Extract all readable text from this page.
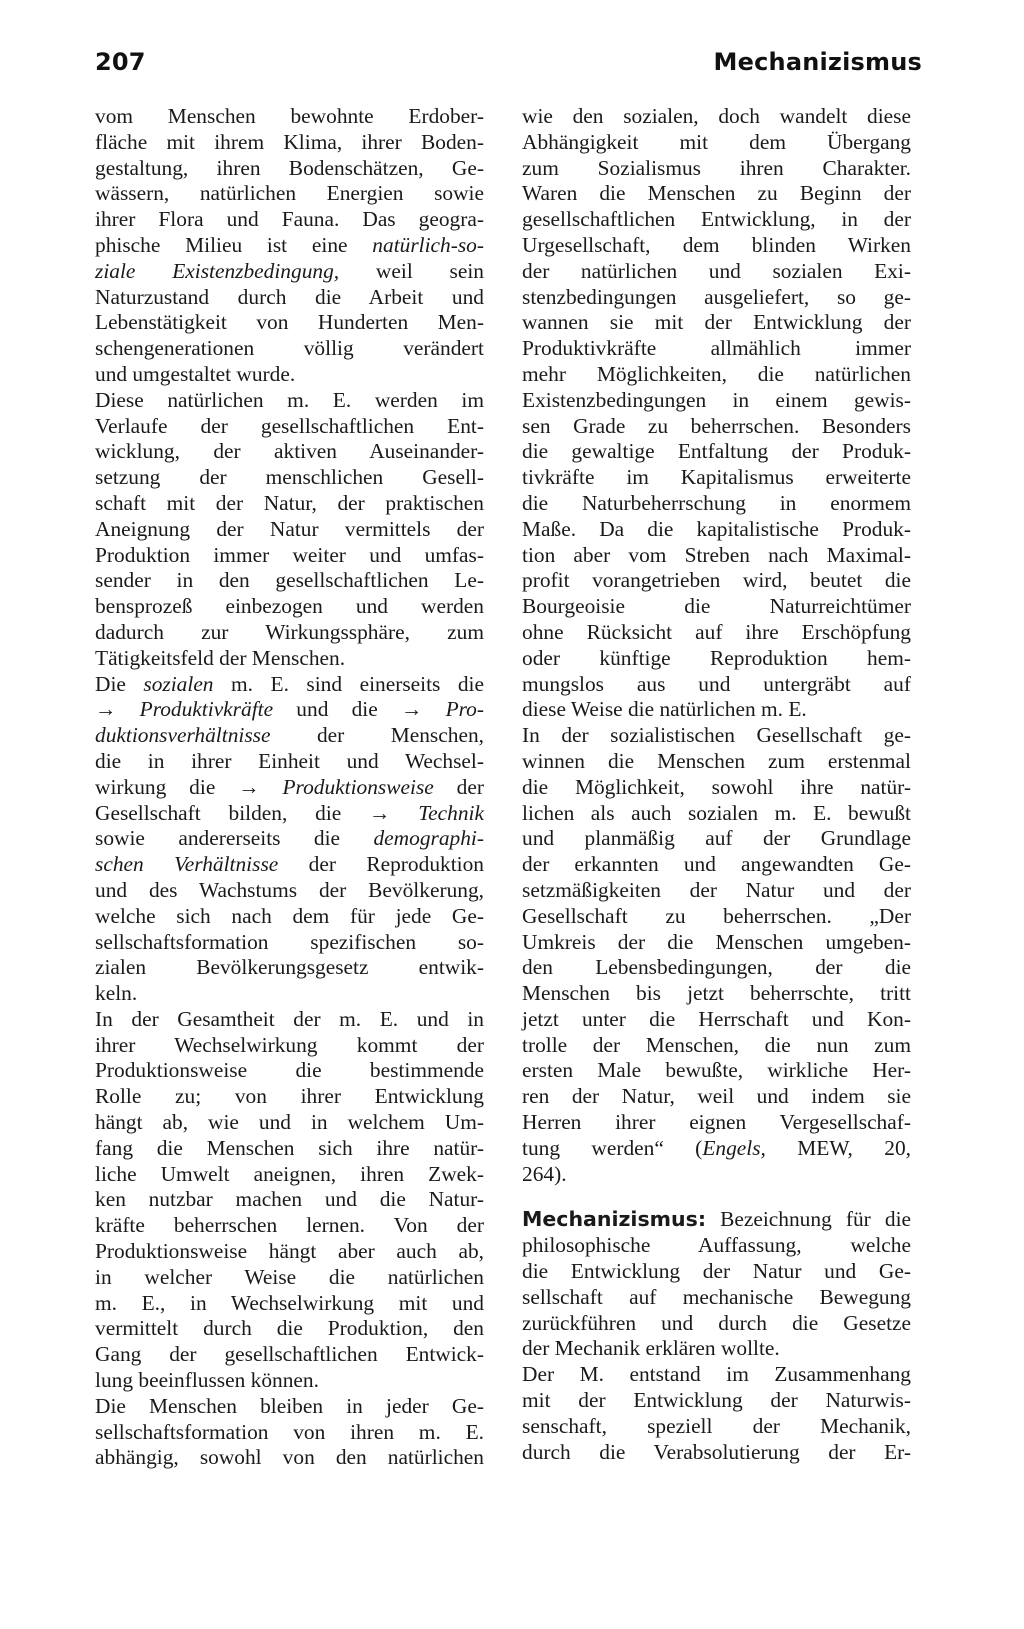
207	Mechanizismus
vom Menschen bewohnte Erdober-
fläche mit ihrem Klima, ihrer Boden-
gestaltung, ihren Bodenschätzen, Ge-
wässern, natürlichen Energien sowie
ihrer Flora und Fauna. Das geogra-
phische Milieu ist eine natürlich-so-
ziale Existenzbedingung, weil sein
Naturzustand durch die Arbeit und
Lebenstätigkeit von Hunderten Men-
schengenerationen völlig verändert
und umgestaltet wurde.
Diese natürlichen m. E. werden im
Verlaufe der gesellschaftlichen Ent-
wicklung, der aktiven Auseinander-
setzung der menschlichen Gesell-
schaft mit der Natur, der praktischen
Aneignung der Natur vermittels der
Produktion immer weiter und umfas-
sender in den gesellschaftlichen Le-
bensprozeß einbezogen und werden
dadurch zur Wirkungssphäre, zum
Tätigkeitsfeld der Menschen.
Die sozialen m. E. sind einerseits die
→ Produktivkräfte und die → Pro-
duktionsverhältnisse der Menschen,
die in ihrer Einheit und Wechsel-
wirkung die → Produktionsweise der
Gesellschaft bilden, die → Technik
sowie andererseits die demographi-
schen Verhältnisse der Reproduktion
und des Wachstums der Bevölkerung,
welche sich nach dem für jede Ge-
sellschaftsformation spezifischen so-
zialen Bevölkerungsgesetz entwik-
keln.
In der Gesamtheit der m. E. und in
ihrer Wechselwirkung kommt der
Produktionsweise die bestimmende
Rolle zu; von ihrer Entwicklung
hängt ab, wie und in welchem Um-
fang die Menschen sich ihre natür-
liche Umwelt aneignen, ihren Zwek-
ken nutzbar machen und die Natur-
kräfte beherrschen lernen. Von der
Produktionsweise hängt aber auch ab,
in welcher Weise die natürlichen
m. E., in Wechselwirkung mit und
vermittelt durch die Produktion, den
Gang der gesellschaftlichen Entwick-
lung beeinflussen können.
Die Menschen bleiben in jeder Ge-
sellschaftsformation von ihren m. E.
abhängig, sowohl von den natürlichen
wie den sozialen, doch wandelt diese
Abhängigkeit mit dem Übergang
zum Sozialismus ihren Charakter.
Waren die Menschen zu Beginn der
gesellschaftlichen Entwicklung, in der
Urgesellschaft, dem blinden Wirken
der natürlichen und sozialen Exi-
stenzbedingungen ausgeliefert, so ge-
wannen sie mit der Entwicklung der
Produktivkräfte allmählich immer
mehr Möglichkeiten, die natürlichen
Existenzbedingungen in einem gewis-
sen Grade zu beherrschen. Besonders
die gewaltige Entfaltung der Produk-
tivkräfte im Kapitalismus erweiterte
die Naturbeherrschung in enormem
Maße. Da die kapitalistische Produk-
tion aber vom Streben nach Maximal-
profit vorangetrieben wird, beutet die
Bourgeoisie die Naturreichtümer
ohne Rücksicht auf ihre Erschöpfung
oder künftige Reproduktion hem-
mungslos aus und untergräbt auf
diese Weise die natürlichen m. E.
In der sozialistischen Gesellschaft ge-
winnen die Menschen zum erstenmal
die Möglichkeit, sowohl ihre natür-
lichen als auch sozialen m. E. bewußt
und planmäßig auf der Grundlage
der erkannten und angewandten Ge-
setzmäßigkeiten der Natur und der
Gesellschaft zu beherrschen. „Der
Umkreis der die Menschen umgeben-
den Lebensbedingungen, der die
Menschen bis jetzt beherrschte, tritt
jetzt unter die Herrschaft und Kon-
trolle der Menschen, die nun zum
ersten Male bewußte, wirkliche Her-
ren der Natur, weil und indem sie
Herren ihrer eignen Vergesellschaf-
tung werden“ (Engels, MEW, 20,
264).
Mechanizismus: Bezeichnung für die
philosophische Auffassung, welche
die Entwicklung der Natur und Ge-
sellschaft auf mechanische Bewegung
zurückführen und durch die Gesetze
der Mechanik erklären wollte.
Der M. entstand im Zusammenhang
mit der Entwicklung der Naturwis-
senschaft, speziell der Mechanik,
durch die Verabsolutierung der Er-
